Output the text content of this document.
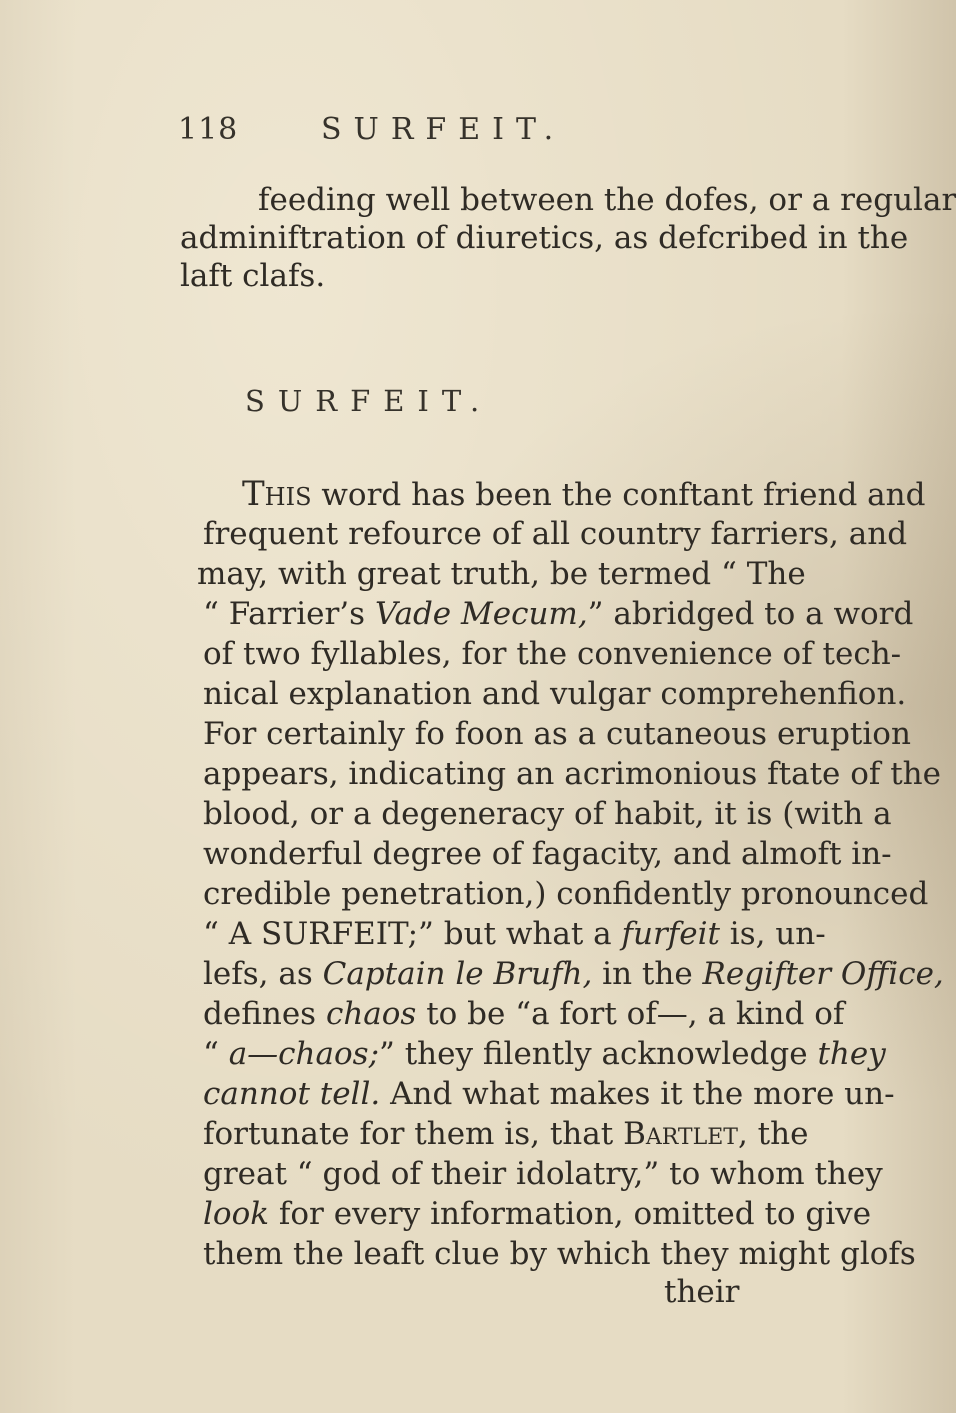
118	SURFEIT.
feeding well between the dofes, or a regular
adminiftration of diuretics, as defcribed in the
laft clafs.
SURFEIT.
This word has been the conftant friend and
frequent refource of all country farriers, and
may, with great truth, be termed “ The
“ Farrier’s Vade Mecum,” abridged to a word
of two fyllables, for the convenience of tech-
nical explanation and vulgar comprehenfion.
For certainly fo foon as a cutaneous eruption
appears, indicating an acrimonious ftate of the
blood, or a degeneracy of habit, it is (with a
wonderful degree of fagacity, and almoft in-
credible penetration,) confidently pronounced
“ A SURFEIT;” but what a furfeit is, un-
lefs, as Captain le Brufh, in the Regifter Office,
defines chaos to be “a fort of—, a kind of
“ a—chaos;” they filently acknowledge they
cannot tell. And what makes it the more un-
fortunate for them is, that Bartlet, the
great “ god of their idolatry,” to whom they
look for every information, omitted to give
them the leaft clue by which they might glofs
their
